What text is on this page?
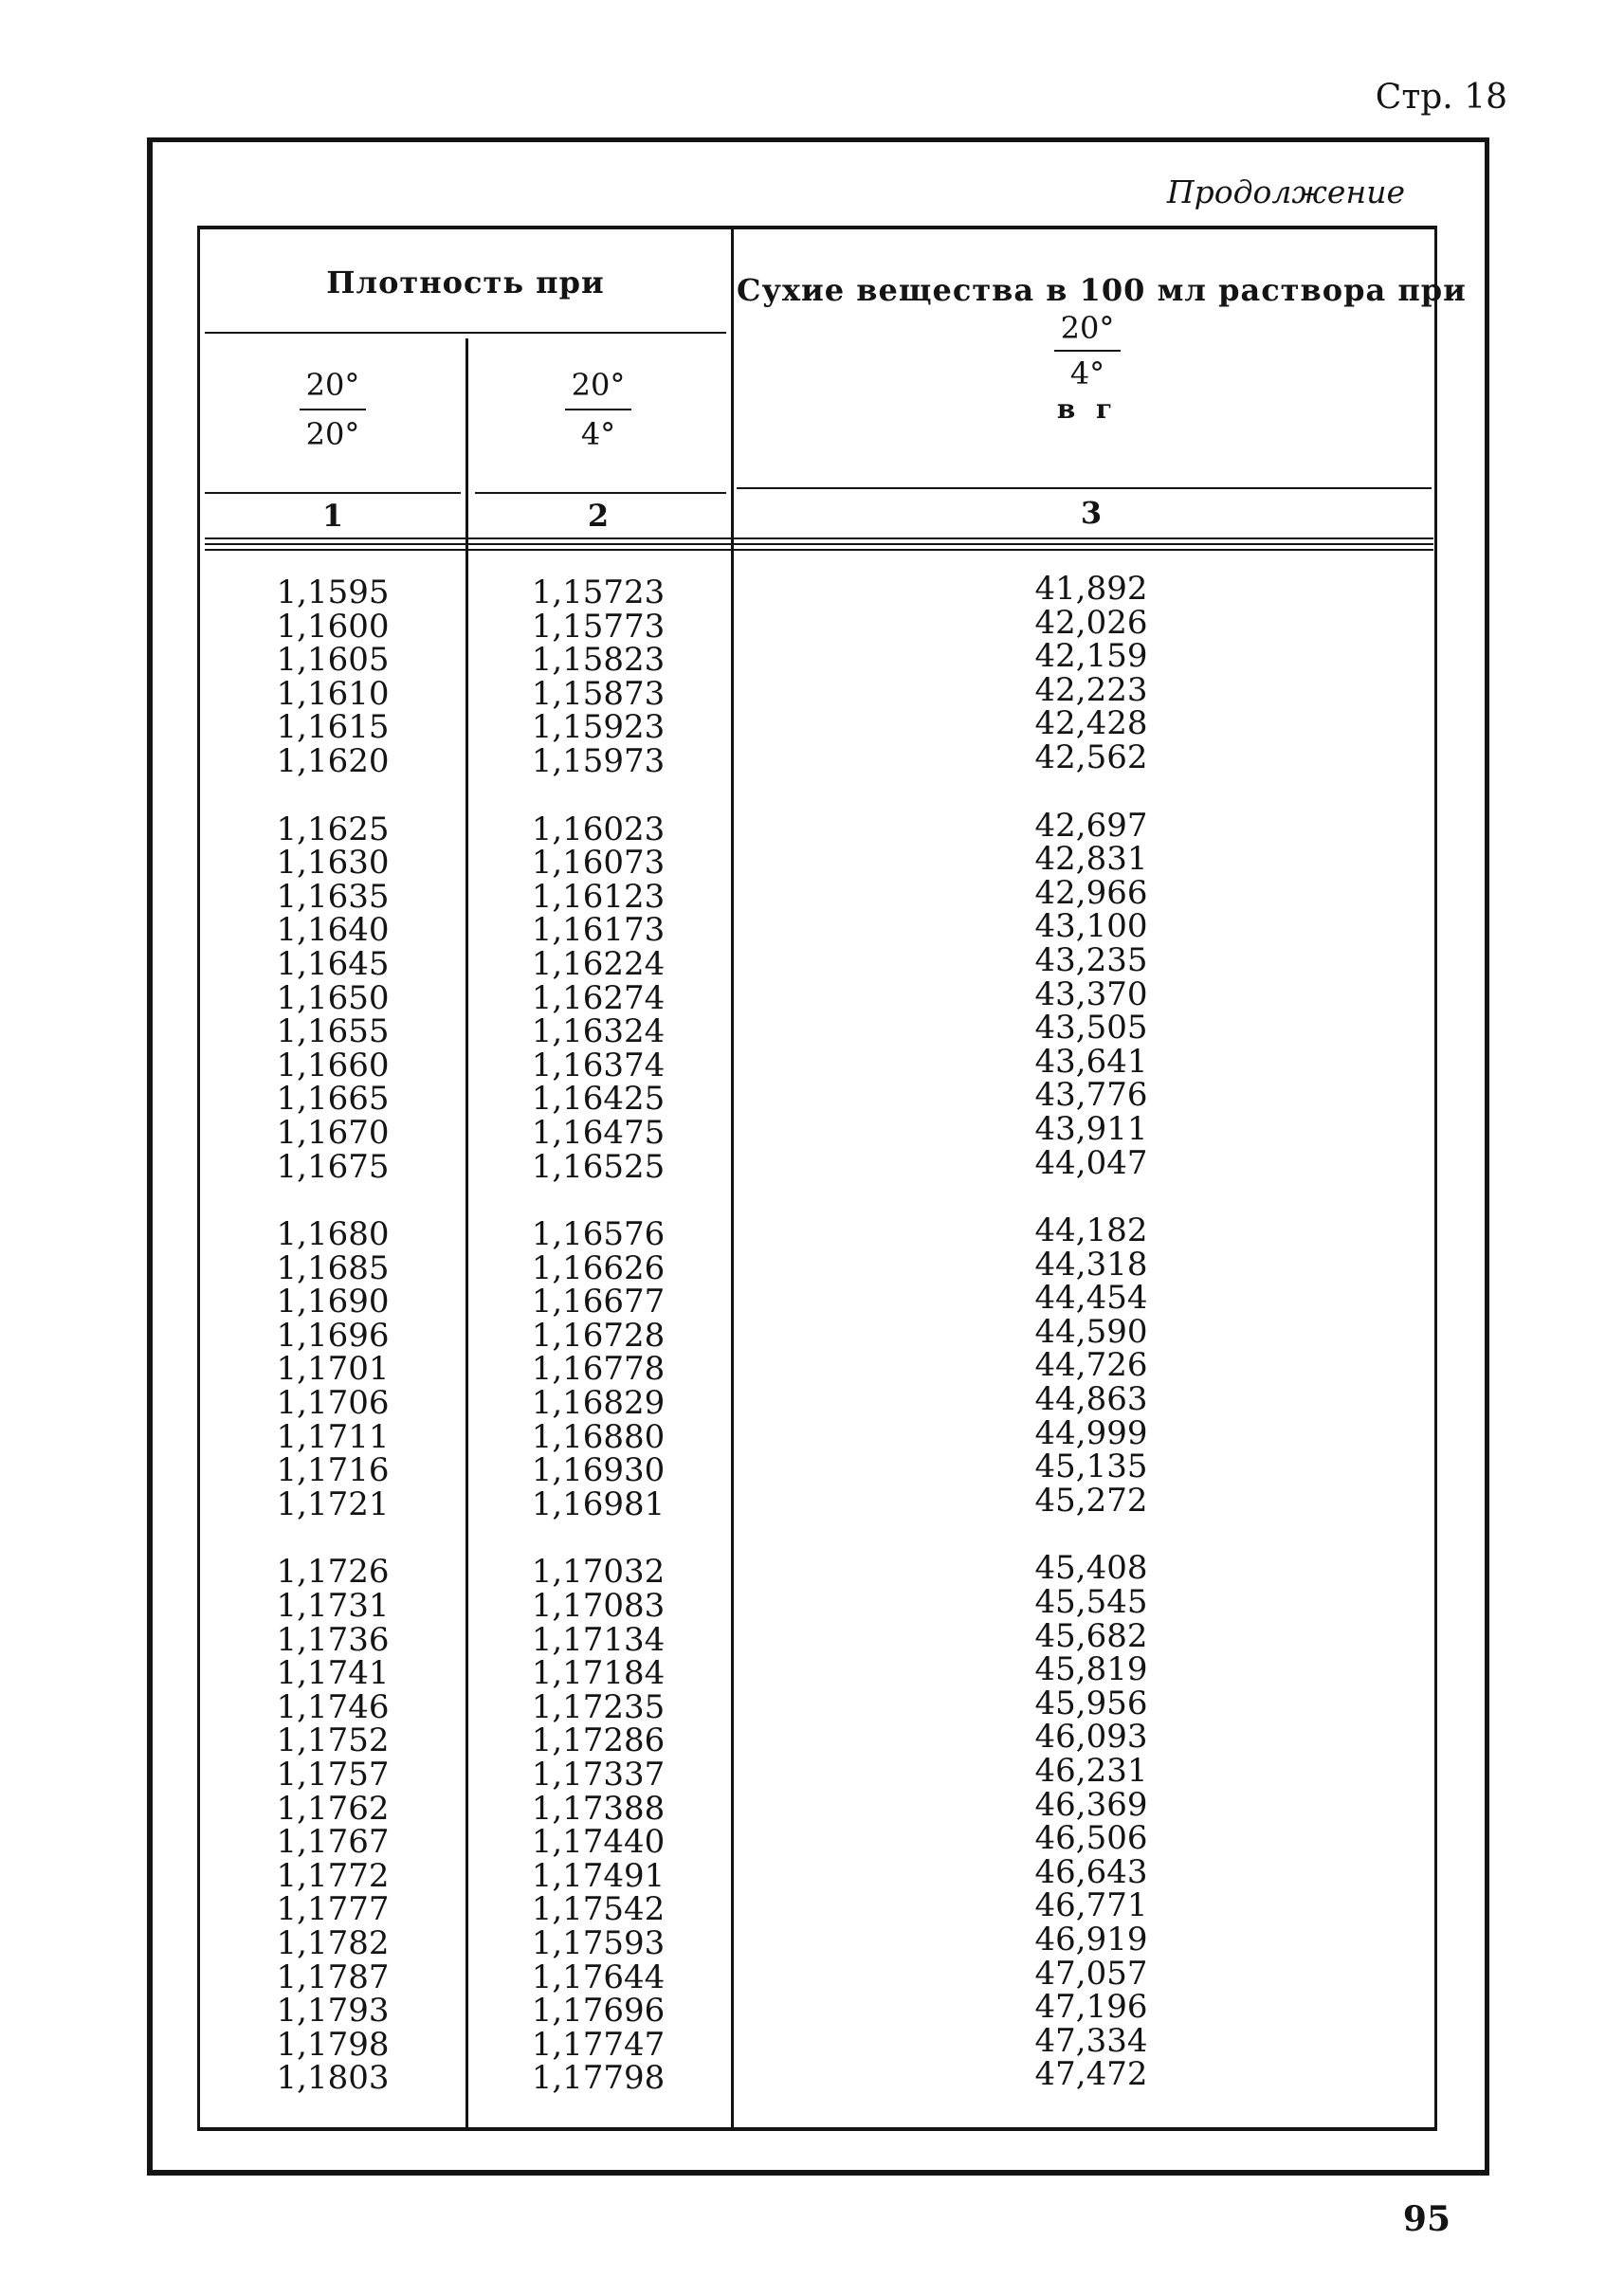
Стр. 18
Продолжение
Плотность при
20°
20°
20°
4°
Сухие вещества в 100 мл раствора при
20°
4°
в г
1	2	3
1,1595
1,1600
1,1605
1,1610
1,1615
1,1620
1,1625
1,1630
1,1635
1,1640
1,1645
1,1650
1,1655
1,1660
1,1665
1,1670
1,1675
1,1680
1,1685
1,1690
1,1696
1,1701
1,1706
1,1711
1,1716
1,1721
1,1726
1,1731
1,1736
1,1741
1,1746
1,1752
1,1757
1,1762
1,1767
1,1772
1,1777
1,1782
1,1787
1,1793
1,1798
1,1803
1,15723
1,15773
1,15823
1,15873
1,15923
1,15973
1,16023
1,16073
1,16123
1,16173
1,16224
1,16274
1,16324
1,16374
1,16425
1,16475
1,16525
1,16576
1,16626
1,16677
1,16728
1,16778
1,16829
1,16880
1,16930
1,16981
1,17032
1,17083
1,17134
1,17184
1,17235
1,17286
1,17337
1,17388
1,17440
1,17491
1,17542
1,17593
1,17644
1,17696
1,17747
1,17798
41,892
42,026
42,159
42,223
42,428
42,562
42,697
42,831
42,966
43,100
43,235
43,370
43,505
43,641
43,776
43,911
44,047
44,182
44,318
44,454
44,590
44,726
44,863
44,999
45,135
45,272
45,408
45,545
45,682
45,819
45,956
46,093
46,231
46,369
46,506
46,643
46,771
46,919
47,057
47,196
47,334
47,472
95
